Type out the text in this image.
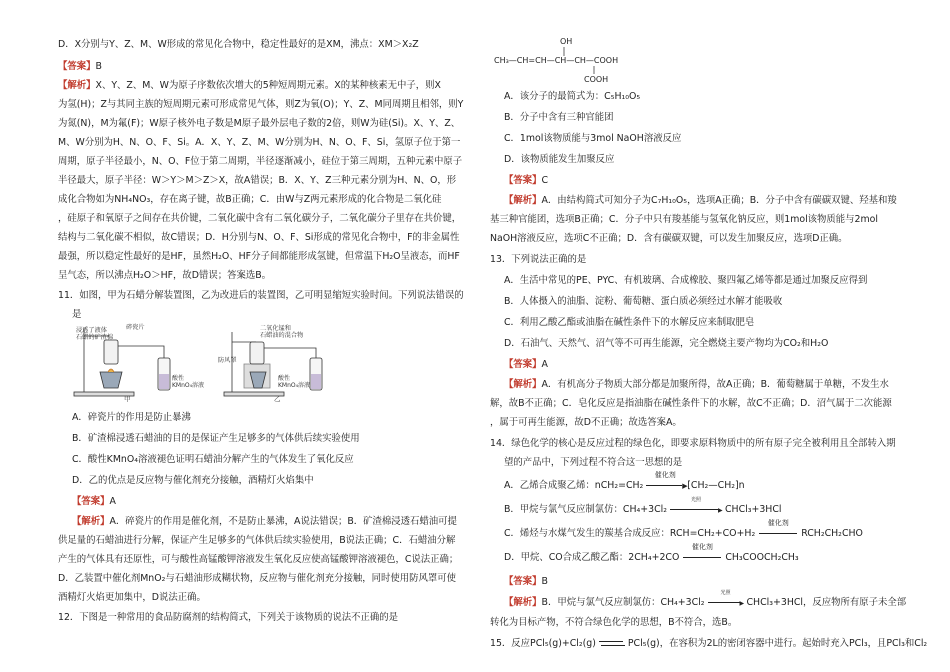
D．X分别与Y、Z、M、W形成的常见化合物中，稳定性最好的是XM，沸点：XM＞X₂Z
【答案】B
【解析】X、Y、Z、M、W为原子序数依次增大的5种短周期元素。X的某种核素无中子，则X
为氢(H)；Z与其同主族的短周期元素可形成常见气体，则Z为氧(O)；Y、Z、M同周期且相邻，则Y
为氮(N)，M为氟(F)；W原子核外电子数是M原子最外层电子数的2倍，则W为硅(Si)。X、Y、Z、
M、W分别为H、N、O、F、Si。A．X、Y、Z、M、W分别为H、N、O、F、Si，氢原子位于第一
周期，原子半径最小，N、O、F位于第二周期，半径逐渐减小，硅位于第三周期，五种元素中原子
半径最大，原子半径：W＞Y＞M＞Z＞X，故A错误；B．X、Y、Z三种元素分别为H、N、O，形
成化合物如为NH₄NO₃，存在离子键，故B正确；C．由W与Z两元素形成的化合物是二氧化硅
，硅原子和氧原子之间存在共价键，二氧化碳中含有二氧化碳分子，二氧化碳分子里存在共价键，
结构与二氧化碳不相似，故C错误；D．H分别与N、O、F、Si形成的常见化合物中，F的非金属性
最强，所以稳定性最好的是HF，虽然H₂O、HF分子间都能形成氢键，但常温下H₂O呈液态，而HF
呈气态，所以沸点H₂O＞HF，故D错误；答案选B。
11．如图，甲为石蜡分解装置图，乙为改进后的装置图，乙可明显缩短实验时间。下列说法错误的
是
浸透了液体
石蜡的矿渣棉
碎瓷片
酸性
KMnO₄溶液
甲
二氧化锰和
石蜡油的混合物
防风罩
酸性
KMnO₄溶液
乙
A．碎瓷片的作用是防止暴沸
B．矿渣棉浸透石蜡油的目的是保证产生足够多的气体供后续实验使用
C．酸性KMnO₄溶液褪色证明石蜡油分解产生的气体发生了氧化反应
D．乙的优点是反应物与催化剂充分接触，酒精灯火焰集中
【答案】A
【解析】A．碎瓷片的作用是催化剂，不是防止暴沸，A说法错误；B．矿渣棉浸透石蜡油可提
供足量的石蜡油进行分解，保证产生足够多的气体供后续实验使用，B说法正确；C．石蜡油分解
产生的气体具有还原性，可与酸性高锰酸钾溶液发生氧化反应使高锰酸钾溶液褪色，C说法正确；
D．乙装置中催化剂MnO₂与石蜡油形成糊状物，反应物与催化剂充分接触，同时使用防风罩可使
酒精灯火焰更加集中，D说法正确。
12．下图是一种常用的食品防腐剂的结构简式，下列关于该物质的说法不正确的是
OH
CH₃—CH=CH—CH—CH—COOH
COOH
A．该分子的最简式为：C₅H₁₀O₅
B．分子中含有三种官能团
C．1mol该物质能与3mol NaOH溶液反应
D．该物质能发生加聚反应
【答案】C
【解析】A．由结构简式可知分子为C₇H₁₀O₅，选项A正确；B．分子中含有碳碳双键、羟基和羧
基三种官能团，选项B正确；C．分子中只有羧基能与氢氧化钠反应，则1mol该物质能与2mol
NaOH溶液反应，选项C不正确；D．含有碳碳双键，可以发生加聚反应，选项D正确。
13．下列说法正确的是
A．生活中常见的PE、PYC、有机玻璃、合成橡胶、聚四氟乙烯等都是通过加聚反应得到
B．人体摄入的油脂、淀粉、葡萄糖、蛋白质必须经过水解才能吸收
C．利用乙酸乙酯或油脂在碱性条件下的水解反应来制取肥皂
D．石油气、天然气、沼气等不可再生能源，完全燃烧主要产物均为CO₂和H₂O
【答案】A
【解析】A．有机高分子物质大部分都是加聚所得，故A正确；B．葡萄糖属于单糖，不发生水
解，故B不正确；C．皂化反应是指油脂在碱性条件下的水解，故C不正确；D．沼气属于二次能源
，属于可再生能源，故D不正确；故选答案A。
14．绿色化学的核心是反应过程的绿色化，即要求原料物质中的所有原子完全被利用且全部转入期
望的产品中，下列过程不符合这一思想的是
A．乙烯合成聚乙烯：nCH₂=CH₂
催化剂
▶ [CH₂—CH₂]n
B．甲烷与氯气反应制氯仿：CH₄+3Cl₂
光照
▶ CHCl₃+3HCl
C．烯烃与水煤气发生的羰基合成反应：RCH=CH₂+CO+H₂
催化剂
RCH₂CH₂CHO
D．甲烷、CO合成乙酸乙酯：2CH₄+2CO
催化剂
CH₃COOCH₂CH₃
【答案】B
【解析】B．甲烷与氯气反应制氯仿：CH₄+3Cl₂
光照
▶ CHCl₃+3HCl，反应物所有原子未全部
转化为目标产物，不符合绿色化学的思想，B不符合，选B。
15．反应PCl₅(g)+Cl₂(g)	PCl₅(g)，在容积为2L的密闭容器中进行。起始时充入PCl₃，且PCl₃和Cl₂
